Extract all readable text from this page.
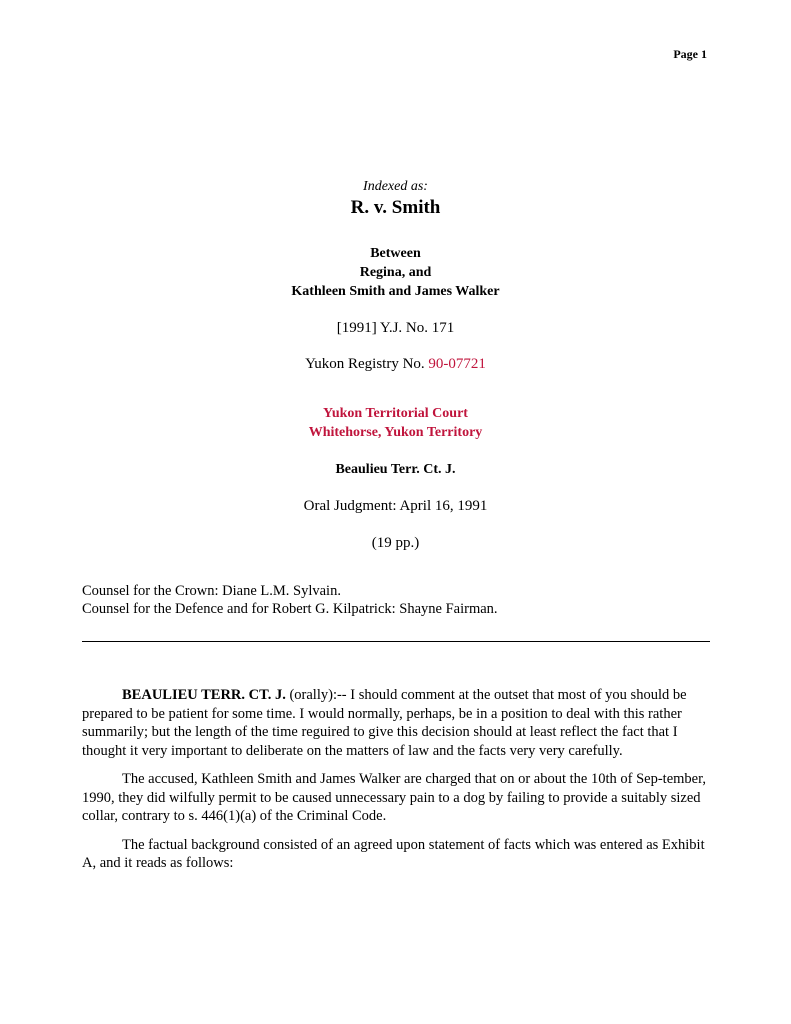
Page 1
Indexed as:
R. v. Smith
Between
Regina, and
Kathleen Smith and James Walker
[1991] Y.J. No. 171
Yukon Registry No. 90-07721
Yukon Territorial Court
Whitehorse, Yukon Territory
Beaulieu Terr. Ct. J.
Oral Judgment: April 16, 1991
(19 pp.)
Counsel for the Crown: Diane L.M. Sylvain.
Counsel for the Defence and for Robert G. Kilpatrick: Shayne Fairman.

BEAULIEU TERR. CT. J. (orally):-- I should comment at the outset that most of you should be prepared to be patient for some time. I would normally, perhaps, be in a position to deal with this rather summarily; but the length of the time reguired to give this decision should at least reflect the fact that I thought it very important to deliberate on the matters of law and the facts very very carefully.

The accused, Kathleen Smith and James Walker are charged that on or about the 10th of Sep-tember, 1990, they did wilfully permit to be caused unnecessary pain to a dog by failing to provide a suitably sized collar, contrary to s. 446(1)(a) of the Criminal Code.

The factual background consisted of an agreed upon statement of facts which was entered as Exhibit A, and it reads as follows:
